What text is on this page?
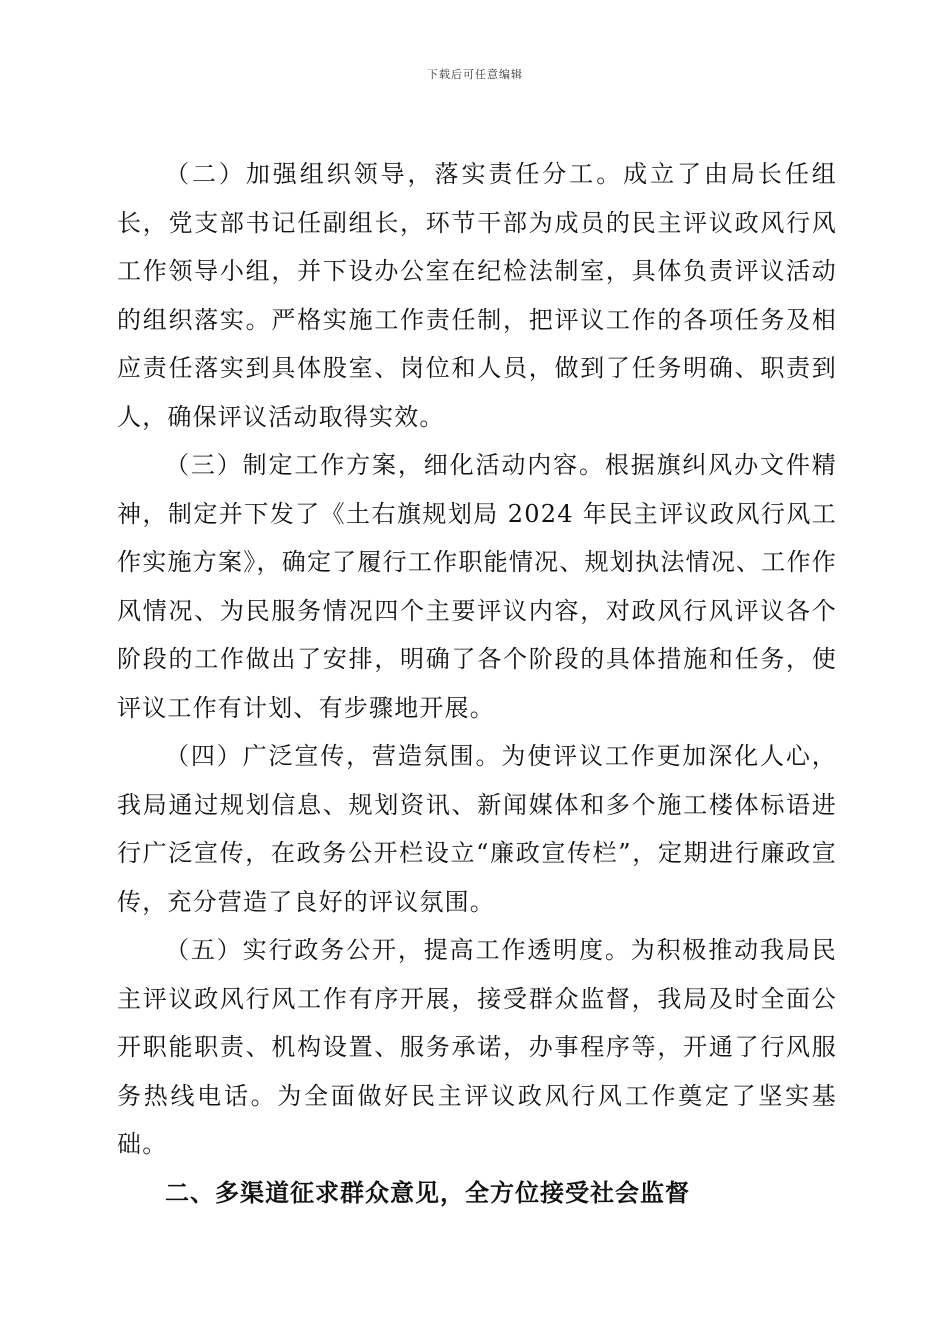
下载后可任意编辑

（二）加强组织领导，落实责任分工。成立了由局长任组长，党支部书记任副组长，环节干部为成员的民主评议政风行风工作领导小组，并下设办公室在纪检法制室，具体负责评议活动的组织落实。严格实施工作责任制，把评议工作的各项任务及相应责任落实到具体股室、岗位和人员，做到了任务明确、职责到人，确保评议活动取得实效。

（三）制定工作方案，细化活动内容。根据旗纠风办文件精神，制定并下发了《土右旗规划局 2024 年民主评议政风行风工作实施方案》，确定了履行工作职能情况、规划执法情况、工作作风情况、为民服务情况四个主要评议内容，对政风行风评议各个阶段的工作做出了安排，明确了各个阶段的具体措施和任务，使评议工作有计划、有步骤地开展。

（四）广泛宣传，营造氛围。为使评议工作更加深化人心，我局通过规划信息、规划资讯、新闻媒体和多个施工楼体标语进行广泛宣传，在政务公开栏设立“廉政宣传栏”，定期进行廉政宣传，充分营造了良好的评议氛围。

（五）实行政务公开，提高工作透明度。为积极推动我局民主评议政风行风工作有序开展，接受群众监督，我局及时全面公开职能职责、机构设置、服务承诺，办事程序等，开通了行风服务热线电话。为全面做好民主评议政风行风工作奠定了坚实基础。

二、多渠道征求群众意见，全方位接受社会监督
